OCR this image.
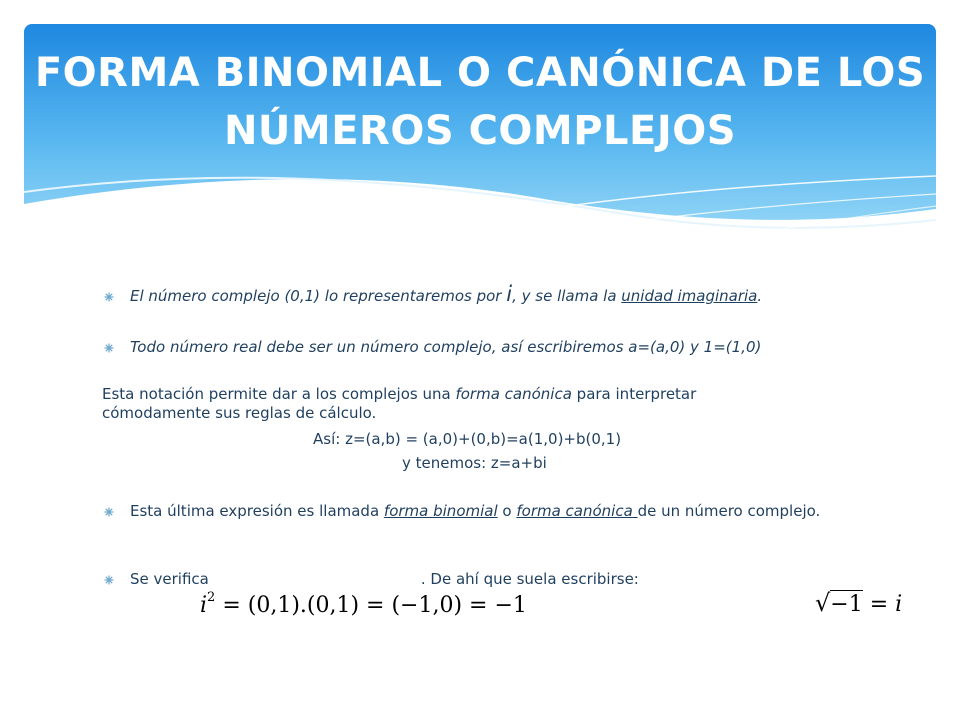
FORMA BINOMIAL O CANÓNICA DE LOS NÚMEROS COMPLEJOS
El número complejo (0,1) lo representaremos por i, y se llama la unidad imaginaria.
Todo número real debe ser un número complejo, así escribiremos a=(a,0) y 1=(1,0)
Esta notación permite dar a los complejos una forma canónica para interpretar cómodamente sus reglas de cálculo.
Así: z=(a,b) = (a,0)+(0,b)=a(1,0)+b(0,1)
y tenemos: z=a+bi
Esta última expresión es llamada forma binomial o forma canónica de un número complejo.
Se verifica	. De ahí que suela escribirse:
$i^2 = (0,1).(0,1) = (-1,0) = -1$	√−1 = i
